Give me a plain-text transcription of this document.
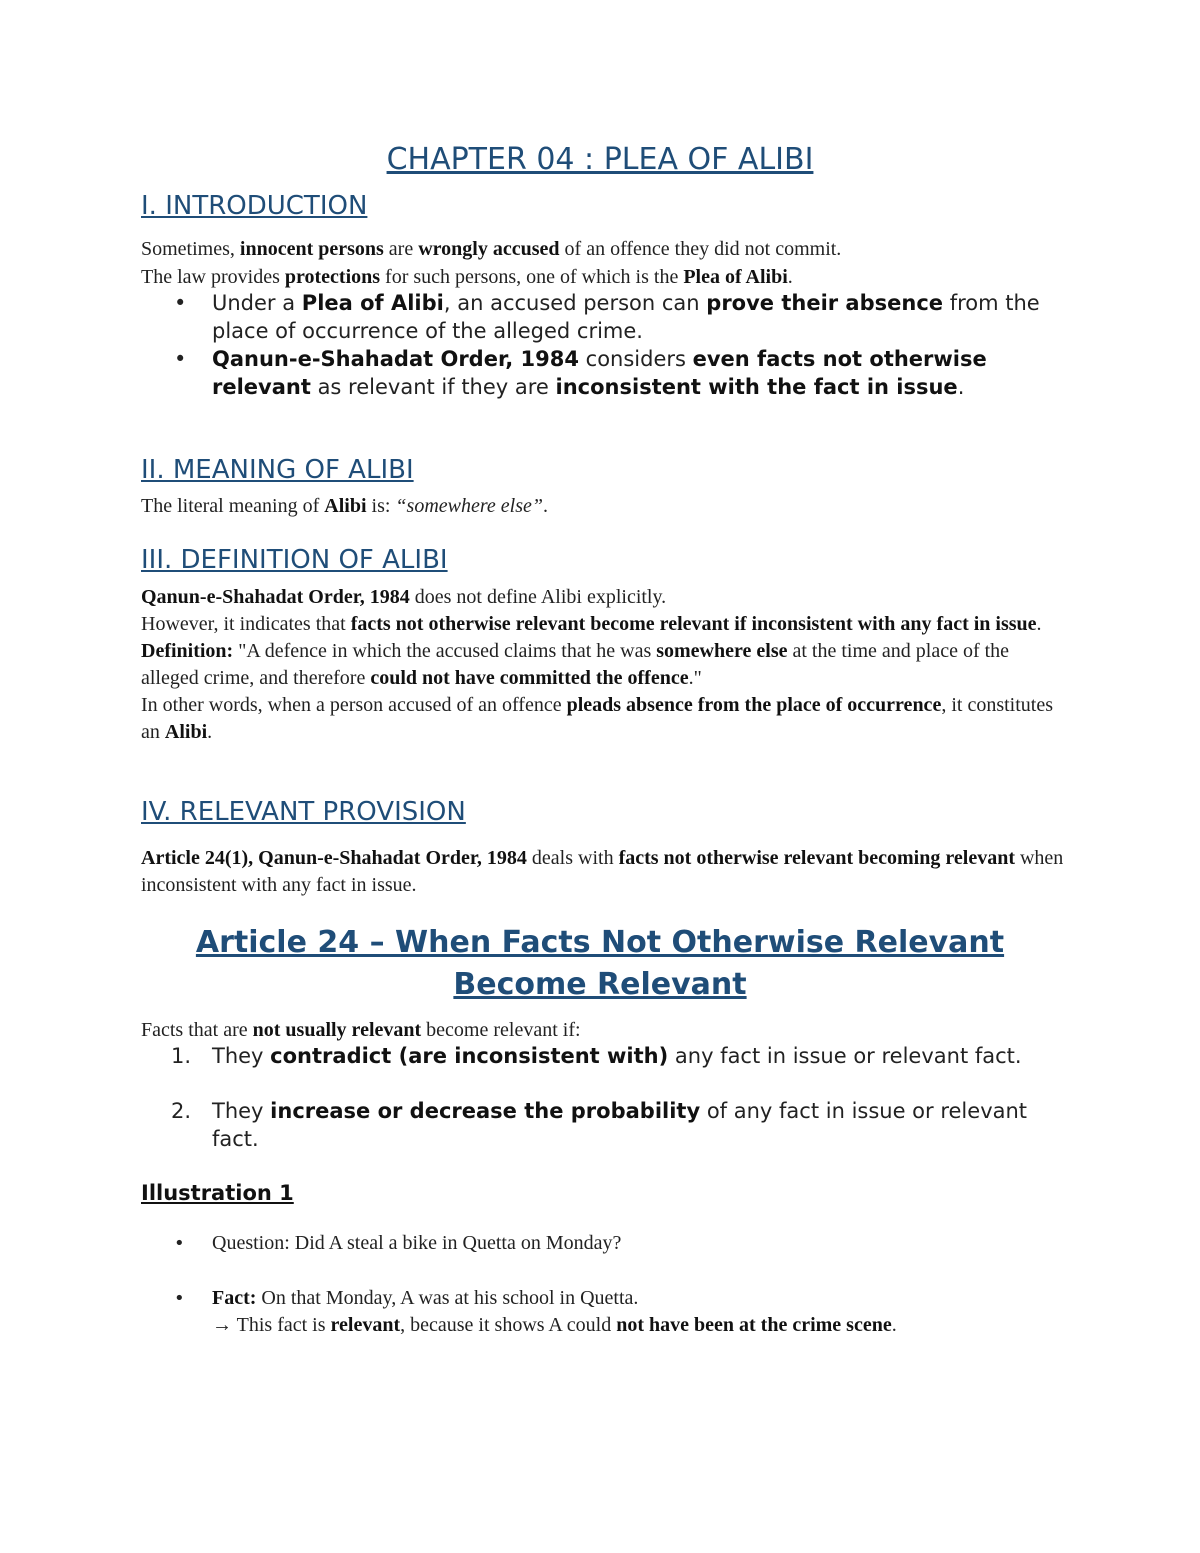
CHAPTER 04 : PLEA OF ALIBI
I. INTRODUCTION
Sometimes, innocent persons are wrongly accused of an offence they did not commit.
The law provides protections for such persons, one of which is the Plea of Alibi.
• Under a Plea of Alibi, an accused person can prove their absence from the place of occurrence of the alleged crime.
• Qanun-e-Shahadat Order, 1984 considers even facts not otherwise relevant as relevant if they are inconsistent with the fact in issue.
II. MEANING OF ALIBI
The literal meaning of Alibi is: “somewhere else”.
III. DEFINITION OF ALIBI
Qanun-e-Shahadat Order, 1984 does not define Alibi explicitly.
However, it indicates that facts not otherwise relevant become relevant if inconsistent with any fact in issue.
Definition: "A defence in which the accused claims that he was somewhere else at the time and place of the alleged crime, and therefore could not have committed the offence."
In other words, when a person accused of an offence pleads absence from the place of occurrence, it constitutes an Alibi.
IV. RELEVANT PROVISION
Article 24(1), Qanun-e-Shahadat Order, 1984 deals with facts not otherwise relevant becoming relevant when inconsistent with any fact in issue.
Article 24 – When Facts Not Otherwise Relevant Become Relevant
Facts that are not usually relevant become relevant if:
1. They contradict (are inconsistent with) any fact in issue or relevant fact.
2. They increase or decrease the probability of any fact in issue or relevant fact.
Illustration 1
• Question: Did A steal a bike in Quetta on Monday?
• Fact: On that Monday, A was at his school in Quetta.
→ This fact is relevant, because it shows A could not have been at the crime scene.
